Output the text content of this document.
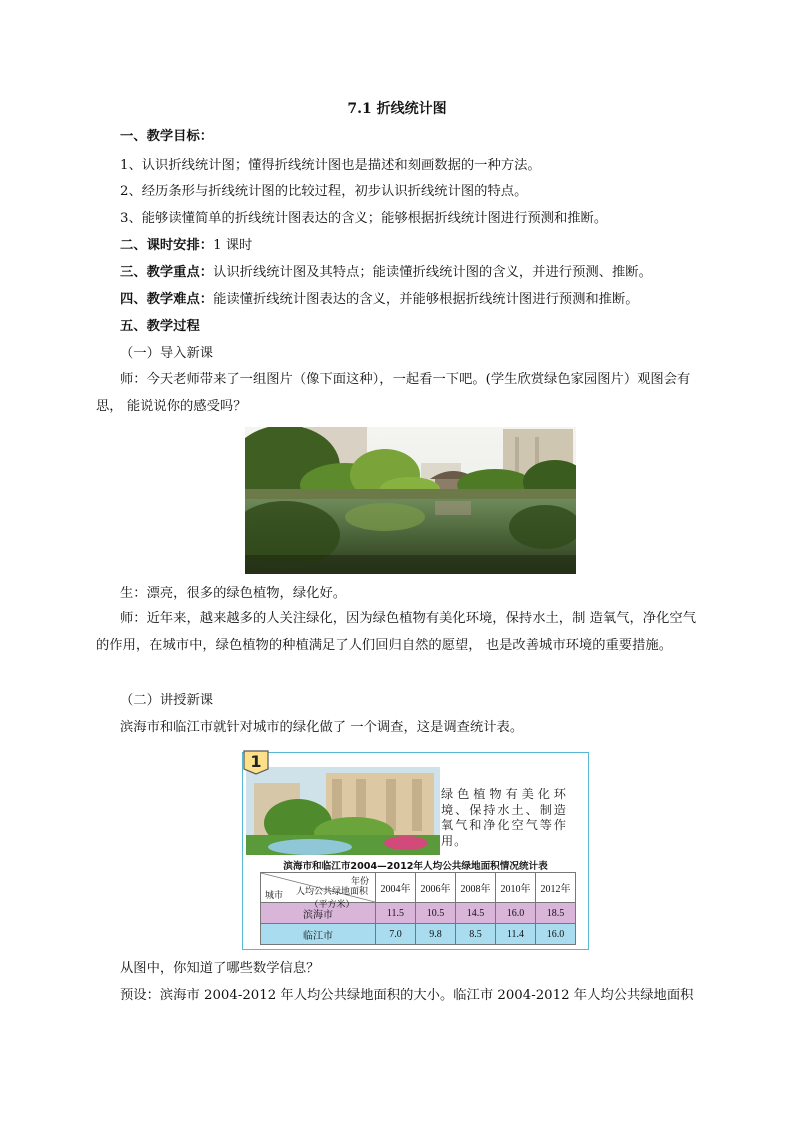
7.1 折线统计图
一、教学目标：
1、认识折线统计图；懂得折线统计图也是描述和刻画数据的一种方法。
2、经历条形与折线统计图的比较过程，初步认识折线统计图的特点。
3、能够读懂简单的折线统计图表达的含义；能够根据折线统计图进行预测和推断。
二、课时安排：1 课时
三、教学重点：认识折线统计图及其特点；能读懂折线统计图的含义，并进行预测、推断。
四、教学难点：能读懂折线统计图表达的含义，并能够根据折线统计图进行预测和推断。
五、教学过程
（一）导入新课
师：今天老师带来了一组图片（像下面这种），一起看一下吧。(学生欣赏绿色家园图片）观图会有思， 能说说你的感受吗？
生：漂亮，很多的绿色植物，绿化好。
师：近年来，越来越多的人关注绿化，因为绿色植物有美化环境，保持水土，制 造氧气，净化空气的作用，在城市中，绿色植物的种植满足了人们回归自然的愿望， 也是改善城市环境的重要措施。
（二）讲授新课
滨海市和临江市就针对城市的绿化做了 一个调查，这是调查统计表。
1
绿色植物有美化环境、保持水土、制造氧气和净化空气等作用。
滨海市和临江市2004—2012年人均公共绿地面积情况统计表
年份
人均公共绿地面积（平方米）
城市	2004年	2006年	2008年	2010年	2012年
滨海市	11.5	10.5	14.5	16.0	18.5
临江市	7.0	9.8	8.5	11.4	16.0
从图中，你知道了哪些数学信息？
预设：滨海市 2004-2012 年人均公共绿地面积的大小。临江市 2004-2012 年人均公共绿地面积
